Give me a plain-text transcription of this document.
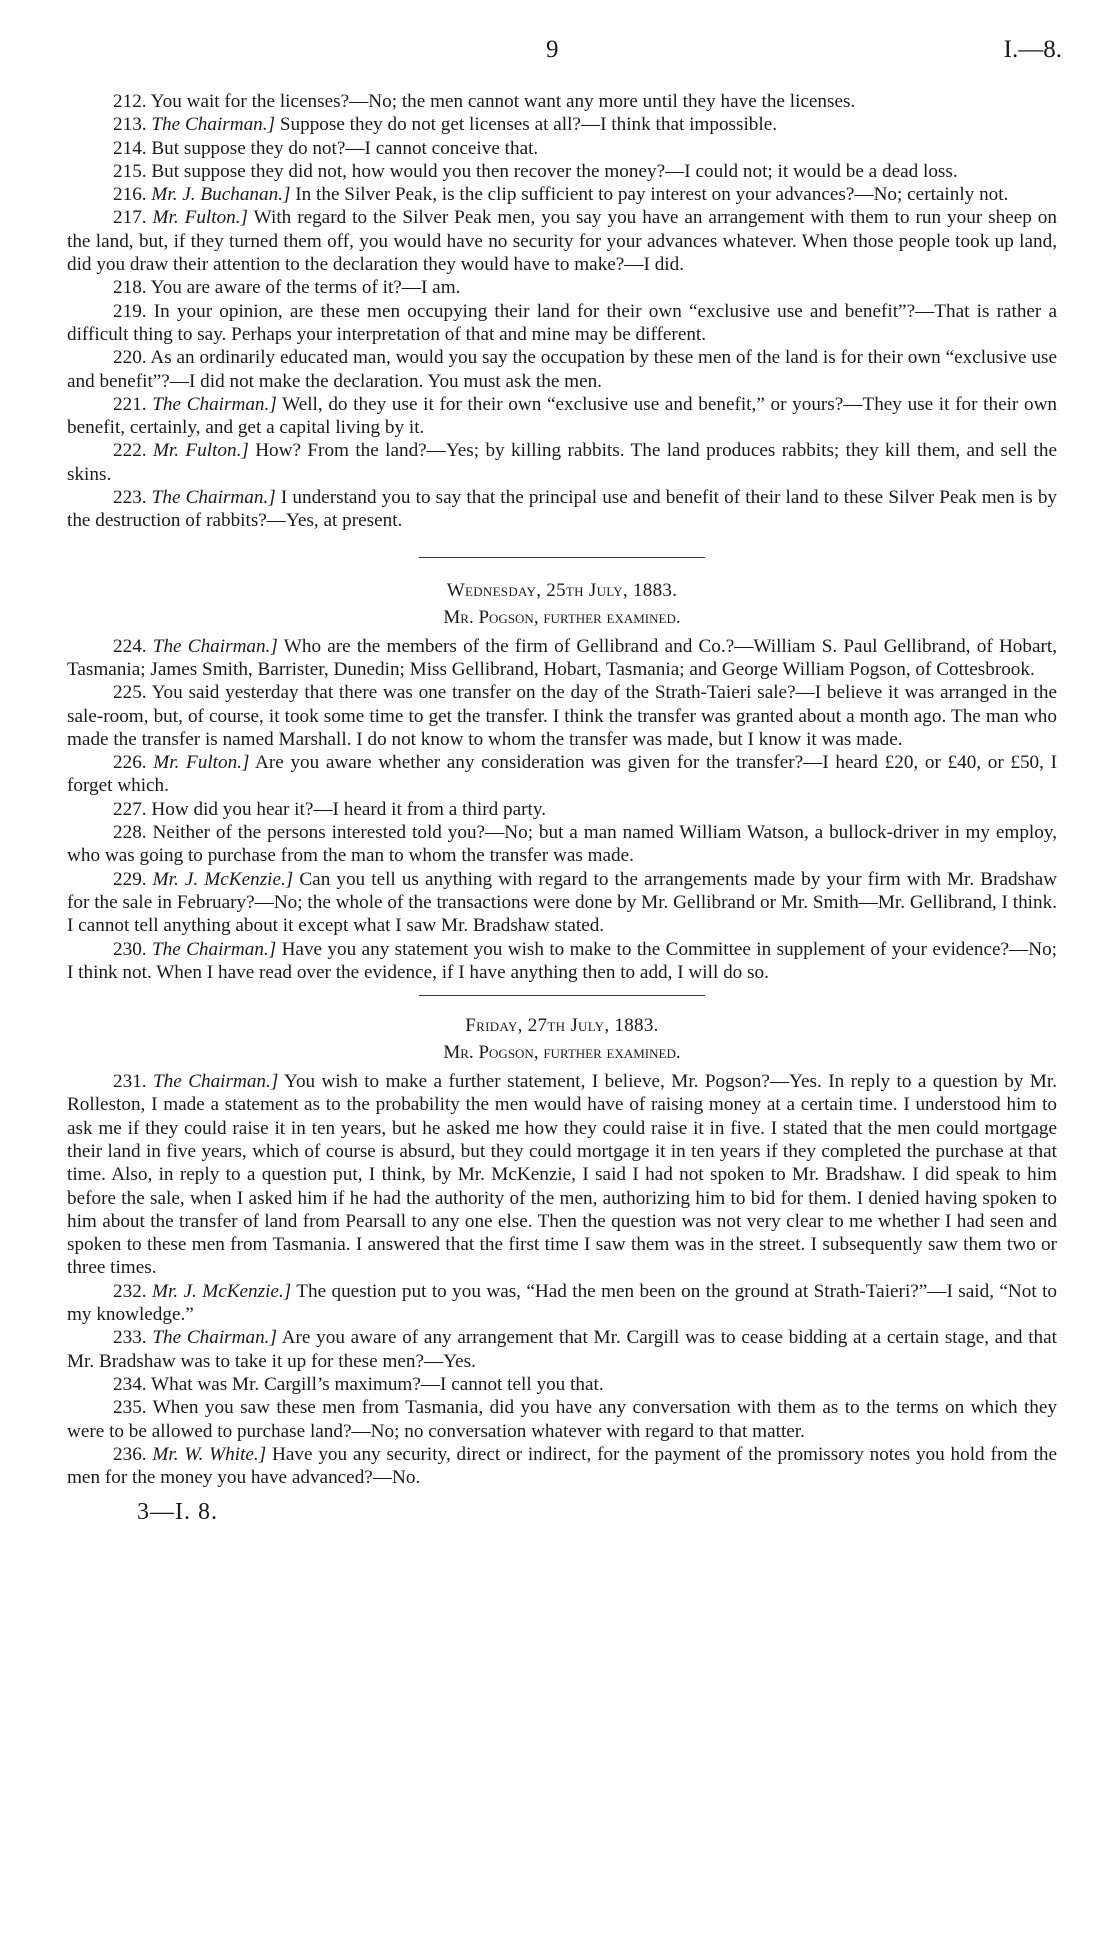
9	I.—8.

212. You wait for the licenses?—No; the men cannot want any more until they have the licenses.

213. The Chairman.] Suppose they do not get licenses at all?—I think that impossible.

214. But suppose they do not?—I cannot conceive that.

215. But suppose they did not, how would you then recover the money?—I could not; it would be a dead loss.

216. Mr. J. Buchanan.] In the Silver Peak, is the clip sufficient to pay interest on your advances?—No; certainly not.

217. Mr. Fulton.] With regard to the Silver Peak men, you say you have an arrangement with them to run your sheep on the land, but, if they turned them off, you would have no security for your advances whatever. When those people took up land, did you draw their attention to the declaration they would have to make?—I did.

218. You are aware of the terms of it?—I am.

219. In your opinion, are these men occupying their land for their own “exclusive use and benefit”?—That is rather a difficult thing to say. Perhaps your interpretation of that and mine may be different.

220. As an ordinarily educated man, would you say the occupation by these men of the land is for their own “exclusive use and benefit”?—I did not make the declaration. You must ask the men.

221. The Chairman.] Well, do they use it for their own “exclusive use and benefit,” or yours?—They use it for their own benefit, certainly, and get a capital living by it.

222. Mr. Fulton.] How? From the land?—Yes; by killing rabbits. The land produces rabbits; they kill them, and sell the skins.

223. The Chairman.] I understand you to say that the principal use and benefit of their land to these Silver Peak men is by the destruction of rabbits?—Yes, at present.

Wednesday, 25th July, 1883.

Mr. Pogson, further examined.

224. The Chairman.] Who are the members of the firm of Gellibrand and Co.?—William S. Paul Gellibrand, of Hobart, Tasmania; James Smith, Barrister, Dunedin; Miss Gellibrand, Hobart, Tasmania; and George William Pogson, of Cottesbrook.

225. You said yesterday that there was one transfer on the day of the Strath-Taieri sale?—I believe it was arranged in the sale-room, but, of course, it took some time to get the transfer. I think the transfer was granted about a month ago. The man who made the transfer is named Marshall. I do not know to whom the transfer was made, but I know it was made.

226. Mr. Fulton.] Are you aware whether any consideration was given for the transfer?—I heard £20, or £40, or £50, I forget which.

227. How did you hear it?—I heard it from a third party.

228. Neither of the persons interested told you?—No; but a man named William Watson, a bullock-driver in my employ, who was going to purchase from the man to whom the transfer was made.

229. Mr. J. McKenzie.] Can you tell us anything with regard to the arrangements made by your firm with Mr. Bradshaw for the sale in February?—No; the whole of the transactions were done by Mr. Gellibrand or Mr. Smith—Mr. Gellibrand, I think. I cannot tell anything about it except what I saw Mr. Bradshaw stated.

230. The Chairman.] Have you any statement you wish to make to the Committee in supplement of your evidence?—No; I think not. When I have read over the evidence, if I have anything then to add, I will do so.

Friday, 27th July, 1883.

Mr. Pogson, further examined.

231. The Chairman.] You wish to make a further statement, I believe, Mr. Pogson?—Yes. In reply to a question by Mr. Rolleston, I made a statement as to the probability the men would have of raising money at a certain time. I understood him to ask me if they could raise it in ten years, but he asked me how they could raise it in five. I stated that the men could mortgage their land in five years, which of course is absurd, but they could mortgage it in ten years if they completed the purchase at that time. Also, in reply to a question put, I think, by Mr. McKenzie, I said I had not spoken to Mr. Bradshaw. I did speak to him before the sale, when I asked him if he had the authority of the men, authorizing him to bid for them. I denied having spoken to him about the transfer of land from Pearsall to any one else. Then the question was not very clear to me whether I had seen and spoken to these men from Tasmania. I answered that the first time I saw them was in the street. I subsequently saw them two or three times.

232. Mr. J. McKenzie.] The question put to you was, “Had the men been on the ground at Strath-Taieri?”—I said, “Not to my knowledge.”

233. The Chairman.] Are you aware of any arrangement that Mr. Cargill was to cease bidding at a certain stage, and that Mr. Bradshaw was to take it up for these men?—Yes.

234. What was Mr. Cargill’s maximum?—I cannot tell you that.

235. When you saw these men from Tasmania, did you have any conversation with them as to the terms on which they were to be allowed to purchase land?—No; no conversation whatever with regard to that matter.

236. Mr. W. White.] Have you any security, direct or indirect, for the payment of the promissory notes you hold from the men for the money you have advanced?—No.

3—I. 8.
